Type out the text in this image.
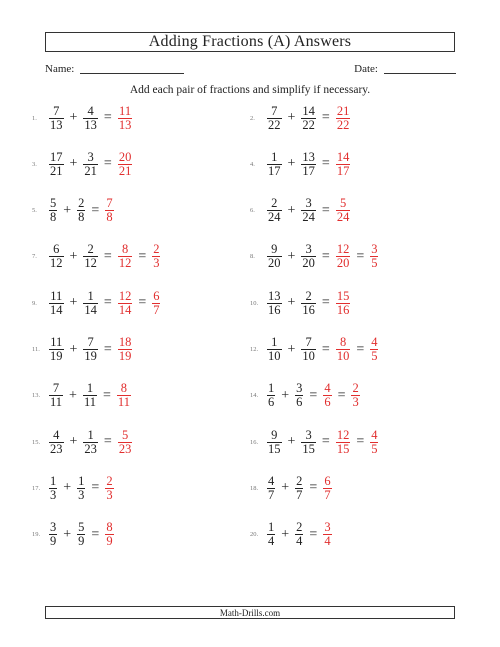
Adding Fractions (A) Answers
Name:	Date:
Add each pair of fractions and simplify if necessary.
1. $\frac{7}{13} + \frac{4}{13} = \frac{11}{13}$	2. $\frac{7}{22} + \frac{14}{22} = \frac{21}{22}$
3. $\frac{17}{21} + \frac{3}{21} = \frac{20}{21}$	4. $\frac{1}{17} + \frac{13}{17} = \frac{14}{17}$
5. $\frac{5}{8} + \frac{2}{8} = \frac{7}{8}$	6. $\frac{2}{24} + \frac{3}{24} = \frac{5}{24}$
7. $\frac{6}{12} + \frac{2}{12} = \frac{8}{12} = \frac{2}{3}$	8. $\frac{9}{20} + \frac{3}{20} = \frac{12}{20} = \frac{3}{5}$
9. $\frac{11}{14} + \frac{1}{14} = \frac{12}{14} = \frac{6}{7}$	10. $\frac{13}{16} + \frac{2}{16} = \frac{15}{16}$
11. $\frac{11}{19} + \frac{7}{19} = \frac{18}{19}$	12. $\frac{1}{10} + \frac{7}{10} = \frac{8}{10} = \frac{4}{5}$
13. $\frac{7}{11} + \frac{1}{11} = \frac{8}{11}$	14. $\frac{1}{6} + \frac{3}{6} = \frac{4}{6} = \frac{2}{3}$
15. $\frac{4}{23} + \frac{1}{23} = \frac{5}{23}$	16. $\frac{9}{15} + \frac{3}{15} = \frac{12}{15} = \frac{4}{5}$
17. $\frac{1}{3} + \frac{1}{3} = \frac{2}{3}$	18. $\frac{4}{7} + \frac{2}{7} = \frac{6}{7}$
19. $\frac{3}{9} + \frac{5}{9} = \frac{8}{9}$	20. $\frac{1}{4} + \frac{2}{4} = \frac{3}{4}$
Math-Drills.com
